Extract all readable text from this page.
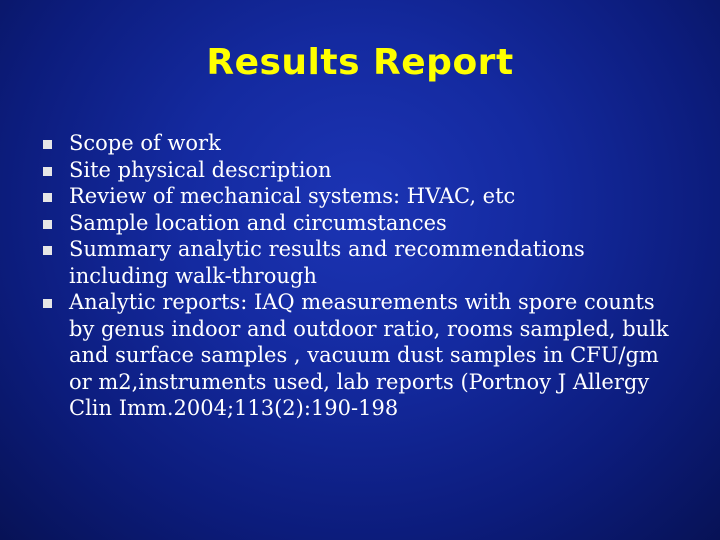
Results Report
Scope of work
Site physical description
Review of mechanical systems: HVAC, etc
Sample location and circumstances
Summary analytic results and recommendations including walk-through
Analytic reports: IAQ measurements with spore counts by genus indoor and outdoor ratio, rooms sampled, bulk and surface samples , vacuum dust samples in CFU/gm or m2,instruments used, lab reports (Portnoy J Allergy Clin Imm.2004;113(2):190-198
